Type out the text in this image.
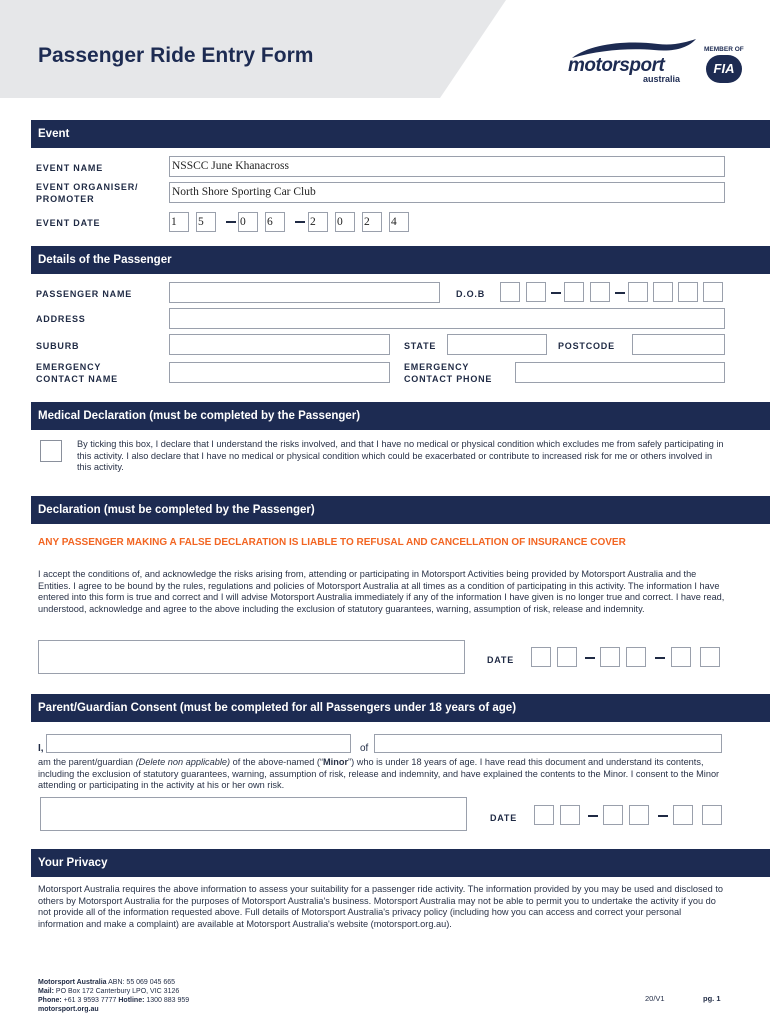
Passenger Ride Entry Form	motorsport
australia
MEMBER OF
FIA
Event
EVENT NAME	NSSCC June Khanacross
EVENT ORGANISER/
PROMOTER
North Shore Sporting Car Club
EVENT DATE	1	5	0	6	2	0	2	4
Details of the Passenger
PASSENGER NAME	D.O.B
ADDRESS
SUBURB	STATE	POSTCODE
EMERGENCY
CONTACT NAME
EMERGENCY
CONTACT PHONE
Medical Declaration (must be completed by the Passenger)
By ticking this box, I declare that I understand the risks involved, and that I have no medical or physical condition which excludes me from safely participating in this activity. I also declare that I have no medical or physical condition which could be exacerbated or contribute to increased risk for me or others involved in this activity.
Declaration (must be completed by the Passenger)
ANY PASSENGER MAKING A FALSE DECLARATION IS LIABLE TO REFUSAL AND CANCELLATION OF INSURANCE COVER
I accept the conditions of, and acknowledge the risks arising from, attending or participating in Motorsport Activities being provided by Motorsport Australia and the Entities. I agree to be bound by the rules, regulations and policies of Motorsport Australia at all times as a condition of participating in this activity. The information I have entered into this form is true and correct and I will advise Motorsport Australia immediately if any of the information I have given is no longer true and correct. I have read, understood, acknowledge and agree to the above including the exclusion of statutory guarantees, warning, assumption of risk, release and indemnity.
DATE
Parent/Guardian Consent (must be completed for all Passengers under 18 years of age)
I,	of
am the parent/guardian (Delete non applicable) of the above-named (“Minor”) who is under 18 years of age. I have read this document and understand its contents, including the exclusion of statutory guarantees, warning, assumption of risk, release and indemnity, and have explained the contents to the Minor. I consent to the Minor attending or participating in the activity at his or her own risk.
DATE
Your Privacy
Motorsport Australia requires the above information to assess your suitability for a passenger ride activity. The information provided by you may be used and disclosed to others by Motorsport Australia for the purposes of Motorsport Australia's business. Motorsport Australia may not be able to permit you to undertake the activity if you do not provide all of the information requested above. Full details of Motorsport Australia's privacy policy (including how you can access and correct your personal information and make a complaint) are available at Motorsport Australia's website (motorsport.org.au).
Motorsport Australia ABN: 55 069 045 665
Mail: PO Box 172 Canterbury LPO, VIC 3126
Phone: +61 3 9593 7777 Hotline: 1300 883 959
motorsport.org.au
20/V1	pg. 1
